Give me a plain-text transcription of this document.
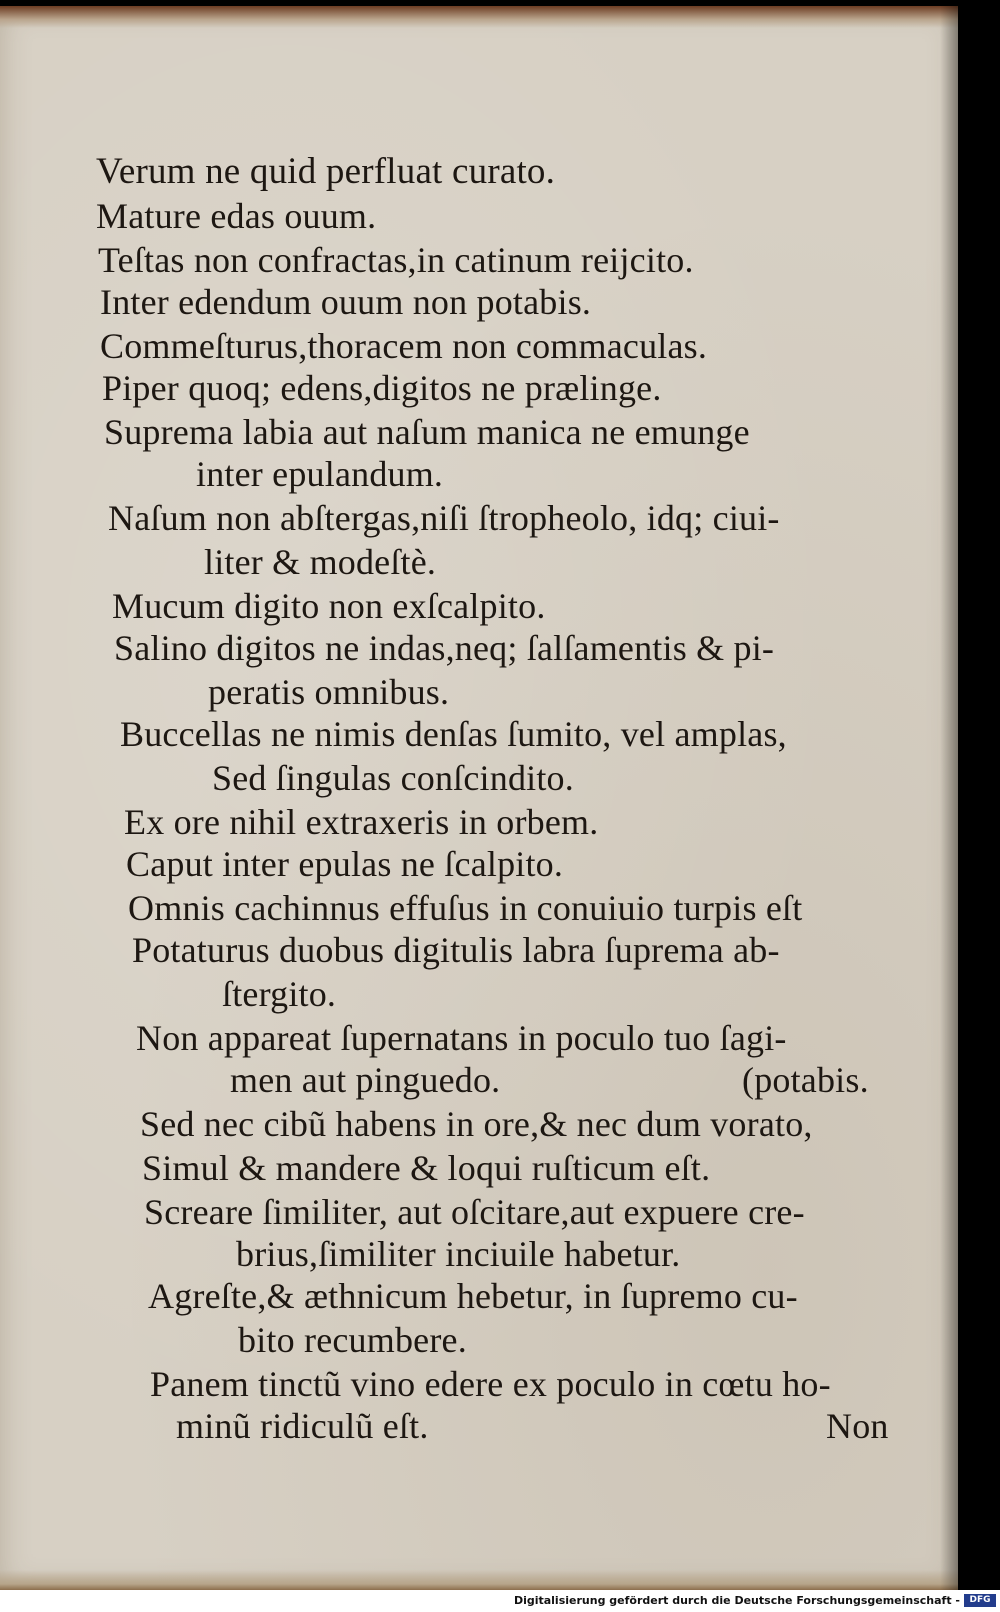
Verum ne quid perfluat curato.
Mature edas ouum.
Teſtas non confractas,in catinum reijcito.
Inter edendum ouum non potabis.
Commeſturus,thoracem non commaculas.
Piper quoq; edens,digitos ne prælinge.
Suprema labia aut naſum manica ne emunge
inter epulandum.
Naſum non abſtergas,niſi ſtropheolo, idq; ciui-
liter & modeſtè.
Mucum digito non exſcalpito.
Salino digitos ne indas,neq; ſalſamentis & pi-
peratis omnibus.
Buccellas ne nimis denſas ſumito, vel amplas,
Sed ſingulas conſcindito.
Ex ore nihil extraxeris in orbem.
Caput inter epulas ne ſcalpito.
Omnis cachinnus effuſus in conuiuio turpis eſt
Potaturus duobus digitulis labra ſuprema ab-
ſtergito.
Non appareat ſupernatans in poculo tuo ſagi-
men aut pinguedo.	(potabis.
Sed nec cibũ habens in ore,& nec dum vorato,
Simul & mandere & loqui ruſticum eſt.
Screare ſimiliter, aut oſcitare,aut expuere cre-
brius,ſimiliter inciuile habetur.
Agreſte,& æthnicum hebetur, in ſupremo cu-
bito recumbere.
Panem tinctũ vino edere ex poculo in cœtu ho-
minũ ridiculũ eſt.	Non
Digitalisierung gefördert durch die Deutsche Forschungsgemeinschaft -	DFG
